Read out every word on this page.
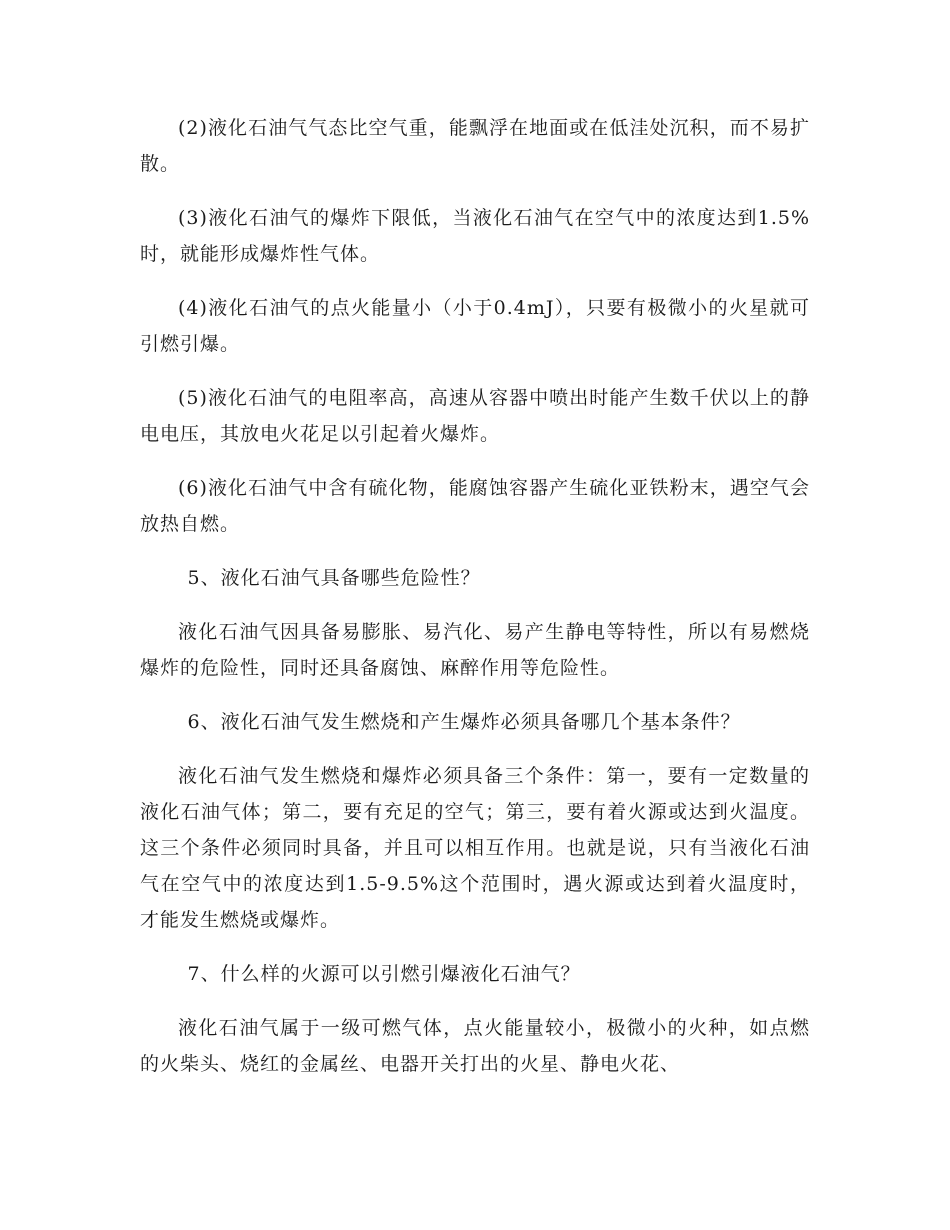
(2)液化石油气气态比空气重，能飘浮在地面或在低洼处沉积，而不易扩散。

(3)液化石油气的爆炸下限低，当液化石油气在空气中的浓度达到1.5%时，就能形成爆炸性气体。

(4)液化石油气的点火能量小（小于0.4mJ），只要有极微小的火星就可引燃引爆。

(5)液化石油气的电阻率高，高速从容器中喷出时能产生数千伏以上的静电电压，其放电火花足以引起着火爆炸。

(6)液化石油气中含有硫化物，能腐蚀容器产生硫化亚铁粉末，遇空气会放热自燃。

5、液化石油气具备哪些危险性？

液化石油气因具备易膨胀、易汽化、易产生静电等特性，所以有易燃烧爆炸的危险性，同时还具备腐蚀、麻醉作用等危险性。

6、液化石油气发生燃烧和产生爆炸必须具备哪几个基本条件？

液化石油气发生燃烧和爆炸必须具备三个条件：第一，要有一定数量的液化石油气体；第二，要有充足的空气；第三，要有着火源或达到火温度。这三个条件必须同时具备，并且可以相互作用。也就是说，只有当液化石油气在空气中的浓度达到1.5-9.5%这个范围时，遇火源或达到着火温度时，才能发生燃烧或爆炸。

7、什么样的火源可以引燃引爆液化石油气？

液化石油气属于一级可燃气体，点火能量较小，极微小的火种，如点燃的火柴头、烧红的金属丝、电器开关打出的火星、静电火花、
